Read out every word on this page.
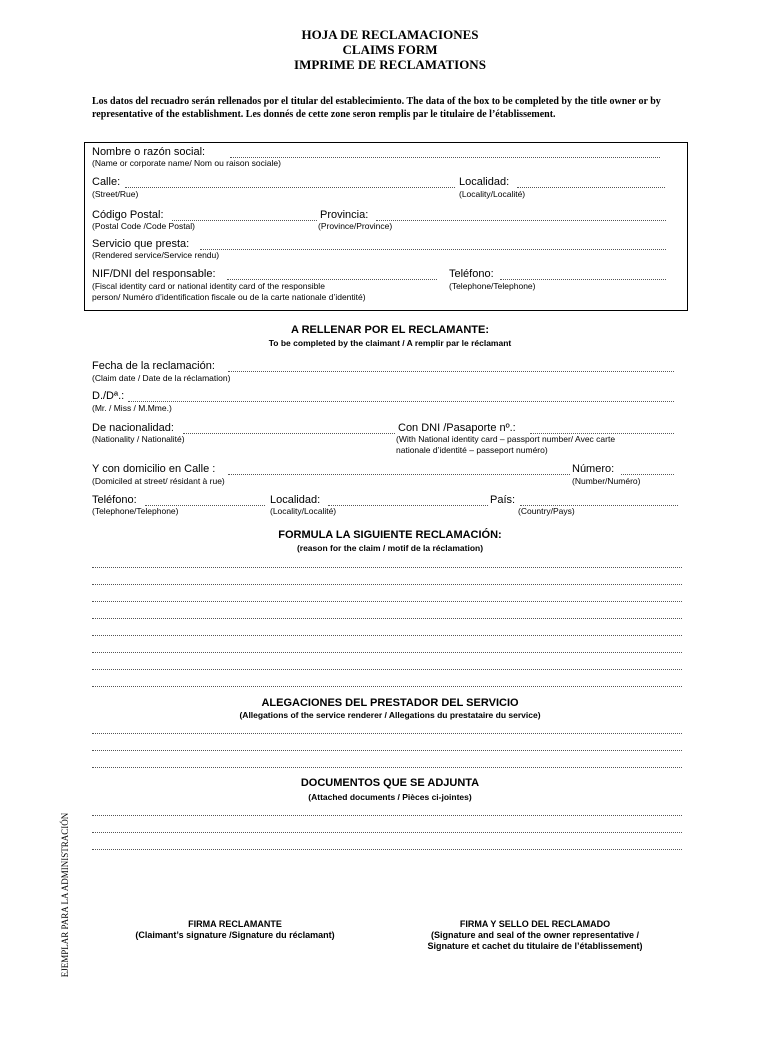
HOJA DE RECLAMACIONES
CLAIMS FORM
IMPRIME DE RECLAMATIONS
Los datos del recuadro serán rellenados por el titular del establecimiento. The data of the box to be completed by the title owner or by representative of the establishment. Les donnés de cette zone seron remplis par le titulaire de l’établissement.
Nombre o razón social:
(Name or corporate name/ Nom ou raison sociale)
Calle:
(Street/Rue)
Localidad:
(Locality/Localité)
Código Postal:
(Postal Code /Code Postal)
Provincia:
(Province/Province)
Servicio que presta:
(Rendered service/Service rendu)
NIF/DNI del responsable:
(Fiscal identity card or national identity card of the responsible
person/ Numéro d’identification fiscale ou de la carte nationale d’identité)
Teléfono:
(Telephone/Telephone)
A RELLENAR POR EL RECLAMANTE:
To be completed by the claimant / A remplir par le réclamant
Fecha de la reclamación:
(Claim date / Date de la réclamation)
D./Dª.:
(Mr. / Miss / M.Mme.)
De nacionalidad:
(Nationality / Nationalité)
Con DNI /Pasaporte nº.:
(With National identity card – passport number/ Avec carte
nationale d’identité – passeport numéro)
Y con domicilio en Calle :
(Domiciled at street/ résidant à rue)
Número:
(Number/Numéro)
Teléfono:
(Telephone/Telephone)
Localidad:
(Locality/Localité)
País:
(Country/Pays)
FORMULA LA SIGUIENTE RECLAMACIÓN:
(reason for the claim / motif de la réclamation)
ALEGACIONES DEL PRESTADOR DEL SERVICIO
(Allegations of the service renderer / Allegations du prestataire du service)
DOCUMENTOS QUE SE ADJUNTA
(Attached documents / Pièces ci-jointes)
FIRMA RECLAMANTE
(Claimant’s signature /Signature du réclamant)
FIRMA Y SELLO DEL RECLAMADO
(Signature and seal of the owner representative /
Signature et cachet du titulaire de l’établissement)
EJEMPLAR PARA LA ADMINISTRACIÓN
